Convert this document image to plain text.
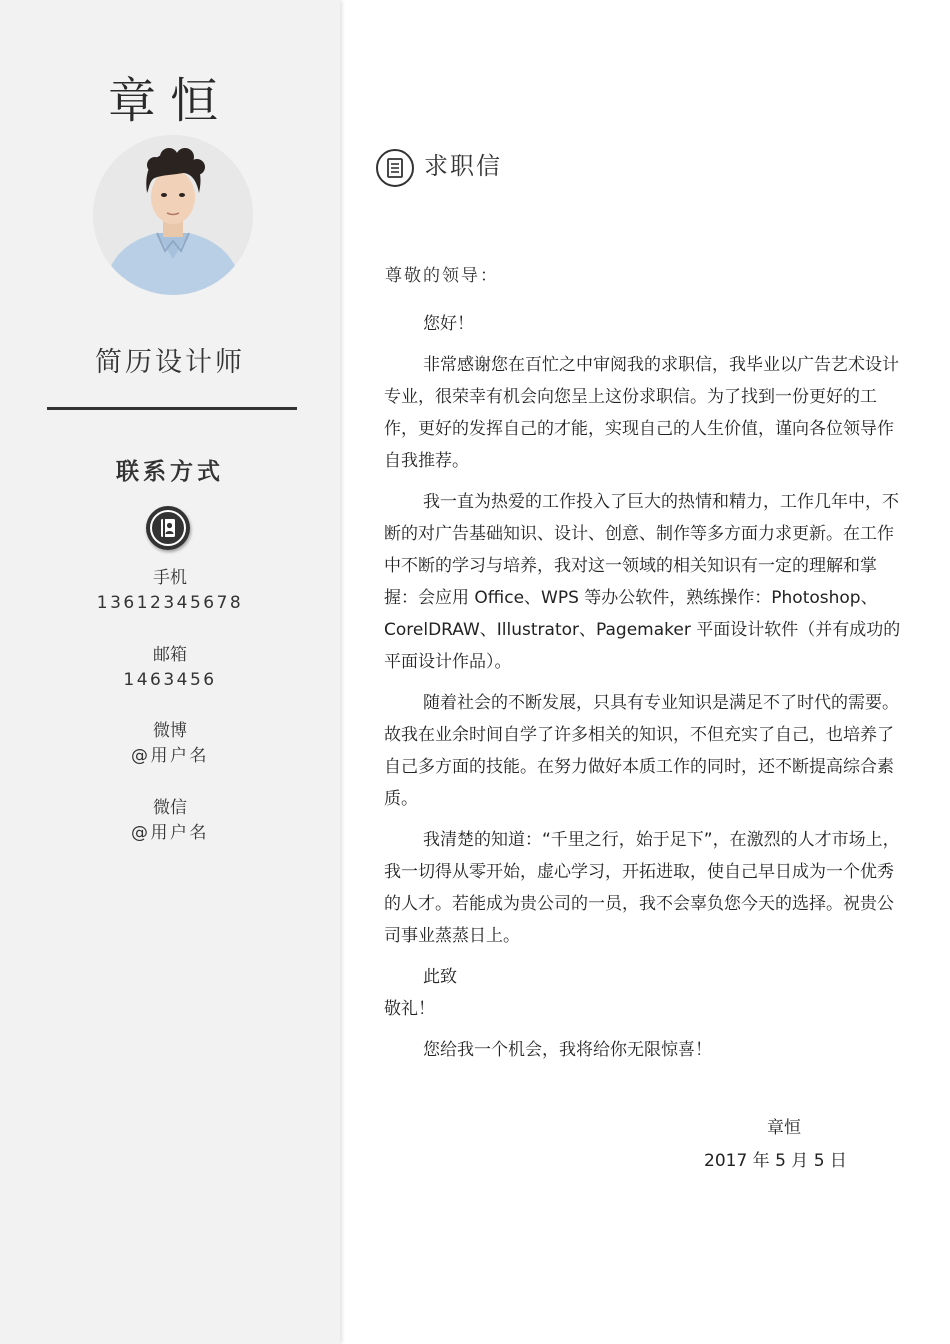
章恒
简历设计师
联系方式
手机
13612345678
邮箱
1463456
微博
@用户名
微信
@用户名
求职信
尊敬的领导：

您好！

非常感谢您在百忙之中审阅我的求职信，我毕业以广告艺术设计专业，很荣幸有机会向您呈上这份求职信。为了找到一份更好的工作，更好的发挥自己的才能，实现自己的人生价值，谨向各位领导作自我推荐。

我一直为热爱的工作投入了巨大的热情和精力，工作几年中，不断的对广告基础知识、设计、创意、制作等多方面力求更新。在工作中不断的学习与培养，我对这一领域的相关知识有一定的理解和掌握：会应用 Office、WPS 等办公软件，熟练操作：Photoshop、CorelDRAW、Illustrator、Pagemaker 平面设计软件（并有成功的平面设计作品）。

随着社会的不断发展，只具有专业知识是满足不了时代的需要。故我在业余时间自学了许多相关的知识，不但充实了自己，也培养了自己多方面的技能。在努力做好本质工作的同时，还不断提高综合素质。

我清楚的知道：“千里之行，始于足下”，在激烈的人才市场上，我一切得从零开始，虚心学习，开拓进取，使自己早日成为一个优秀的人才。若能成为贵公司的一员，我不会辜负您今天的选择。祝贵公司事业蒸蒸日上。

此致

敬礼！

您给我一个机会，我将给你无限惊喜！

章恒
2017 年 5 月 5 日
